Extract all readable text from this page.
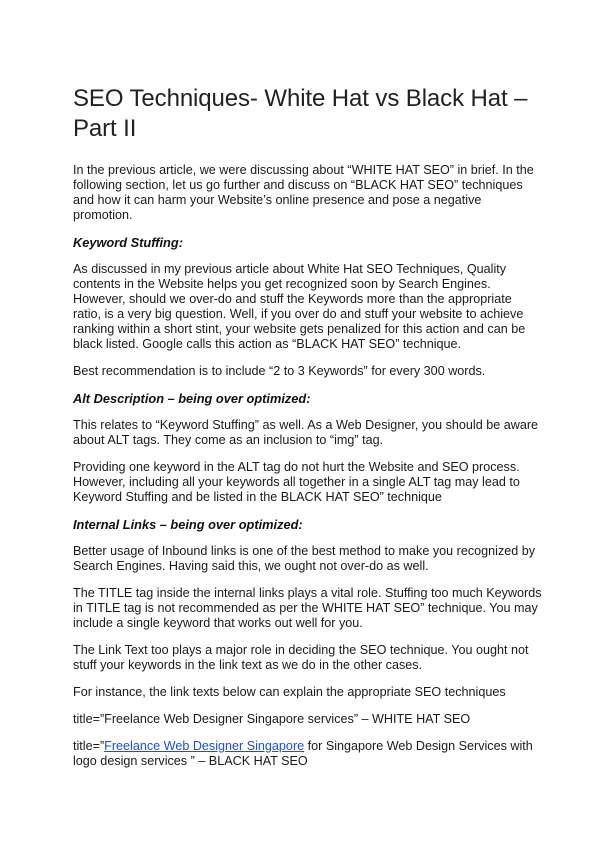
SEO Techniques- White Hat vs Black Hat – Part II

In the previous article, we were discussing about “WHITE HAT SEO” in brief. In the following section, let us go further and discuss on “BLACK HAT SEO” techniques and how it can harm your Website’s online presence and pose a negative promotion.

Keyword Stuffing:

As discussed in my previous article about White Hat SEO Techniques, Quality contents in the Website helps you get recognized soon by Search Engines. However, should we over-do and stuff the Keywords more than the appropriate ratio, is a very big question. Well, if you over do and stuff your website to achieve ranking within a short stint, your website gets penalized for this action and can be black listed. Google calls this action as “BLACK HAT SEO” technique.

Best recommendation is to include “2 to 3 Keywords” for every 300 words.

Alt Description – being over optimized:

This relates to “Keyword Stuffing” as well. As a Web Designer, you should be aware about ALT tags. They come as an inclusion to “img” tag.

Providing one keyword in the ALT tag do not hurt the Website and SEO process. However, including all your keywords all together in a single ALT tag may lead to Keyword Stuffing and be listed in the BLACK HAT SEO” technique

Internal Links – being over optimized:

Better usage of Inbound links is one of the best method to make you recognized by Search Engines. Having said this, we ought not over-do as well.

The TITLE tag inside the internal links plays a vital role. Stuffing too much Keywords in TITLE tag is not recommended as per the WHITE HAT SEO” technique. You may include a single keyword that works out well for you.

The Link Text too plays a major role in deciding the SEO technique. You ought not stuff your keywords in the link text as we do in the other cases.

For instance, the link texts below can explain the appropriate SEO techniques

title=”Freelance Web Designer Singapore services” – WHITE HAT SEO

title=”Freelance Web Designer Singapore for Singapore Web Design Services with logo design services ” – BLACK HAT SEO
